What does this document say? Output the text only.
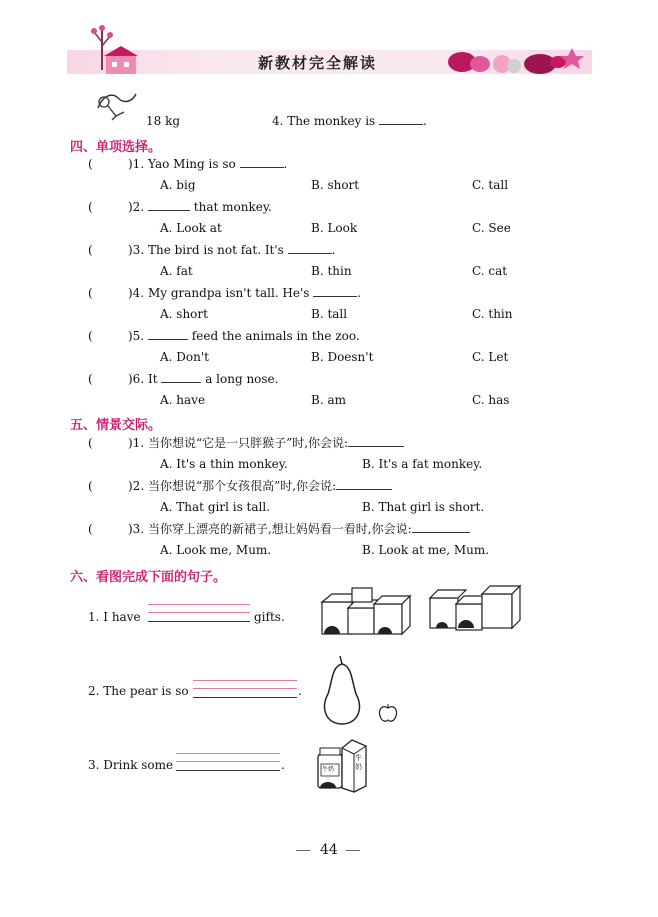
新教材完全解读
18 kg	4. The monkey is	.
四、单项选择。
(	)1. Yao Ming is so	.
A. big	B. short	C. tall
(	)2.	that monkey.
A. Look at	B. Look	C. See
(	)3. The bird is not fat. It's	.
A. fat	B. thin	C. cat
(	)4. My grandpa isn't tall. He's	.
A. short	B. tall	C. thin
(	)5.	feed the animals in the zoo.
A. Don't	B. Doesn't	C. Let
(	)6. It	a long nose.
A. have	B. am	C. has
五、情景交际。
(	)1. 当你想说“它是一只胖猴子”时,你会说:
A. It's a thin monkey.	B. It's a fat monkey.
(	)2. 当你想说“那个女孩很高”时,你会说:
A. That girl is tall.	B. That girl is short.
(	)3. 当你穿上漂亮的新裙子,想让妈妈看一看时,你会说:
A. Look me, Mum.	B. Look at me, Mum.
六、看图完成下面的句子。
1. I have	gifts.
2. The pear is so	.
3. Drink some	.	牛奶
牛奶
44
